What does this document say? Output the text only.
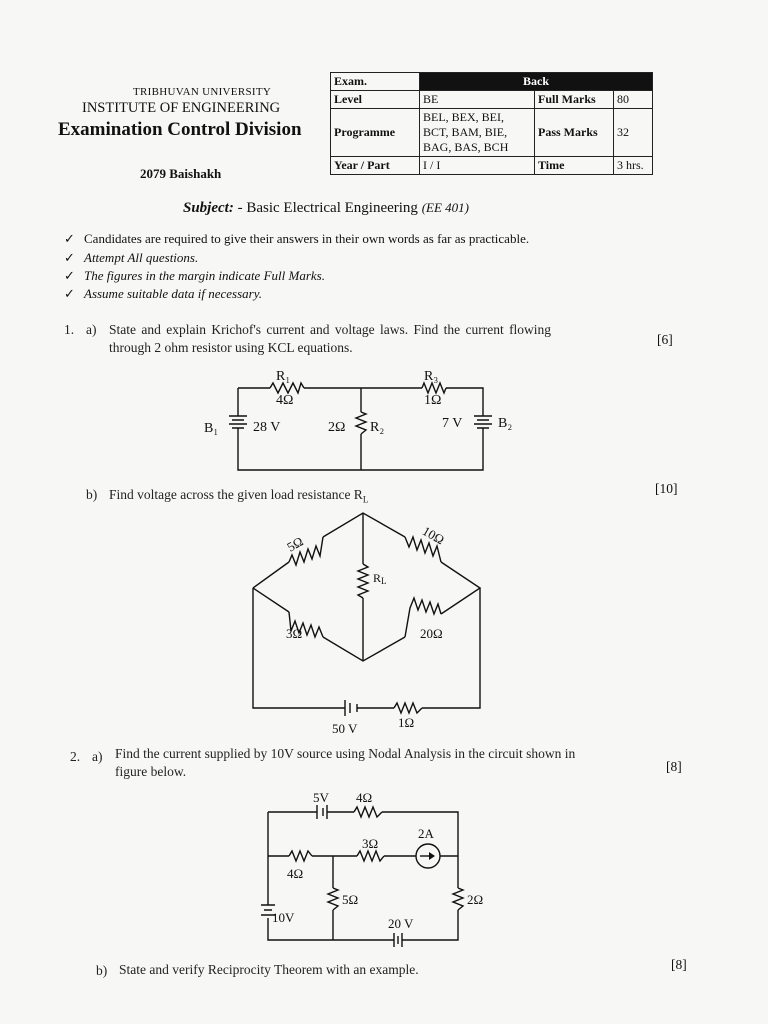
TRIBHUVAN UNIVERSITY
INSTITUTE OF ENGINEERING
Examination Control Division
2079 Baishakh
Exam.	Back		
Level	BE	Full Marks	80
Programme	BEL, BEX, BEI,
BCT, BAM, BIE,
BAG, BAS, BCH	Pass Marks	32
Year / Part	I / I	Time	3 hrs.
Subject: - Basic Electrical Engineering (EE 401)
✓ Candidates are required to give their answers in their own words as far as practicable.
✓ Attempt All questions.
✓ The figures in the margin indicate Full Marks.
✓ Assume suitable data if necessary.
1. a) State and explain Krichof's current and voltage laws. Find the current flowing
through 2 ohm resistor using KCL equations.
[6]
R₁
4Ω
R₃
1Ω
B₁ 28 V	2Ω R₂	7 V	B₂
b) Find voltage across the given load resistance $R_L$
[10]
5Ω	10Ω
RL
3Ω	20Ω
50 V	1Ω
2. a) Find the current supplied by 10V source using Nodal Analysis in the circuit shown in
figure below.	[8]
5V 4Ω
3Ω
2A
4Ω
5Ω	2Ω
10V	20 V
b) State and verify Reciprocity Theorem with an example.	[8]
